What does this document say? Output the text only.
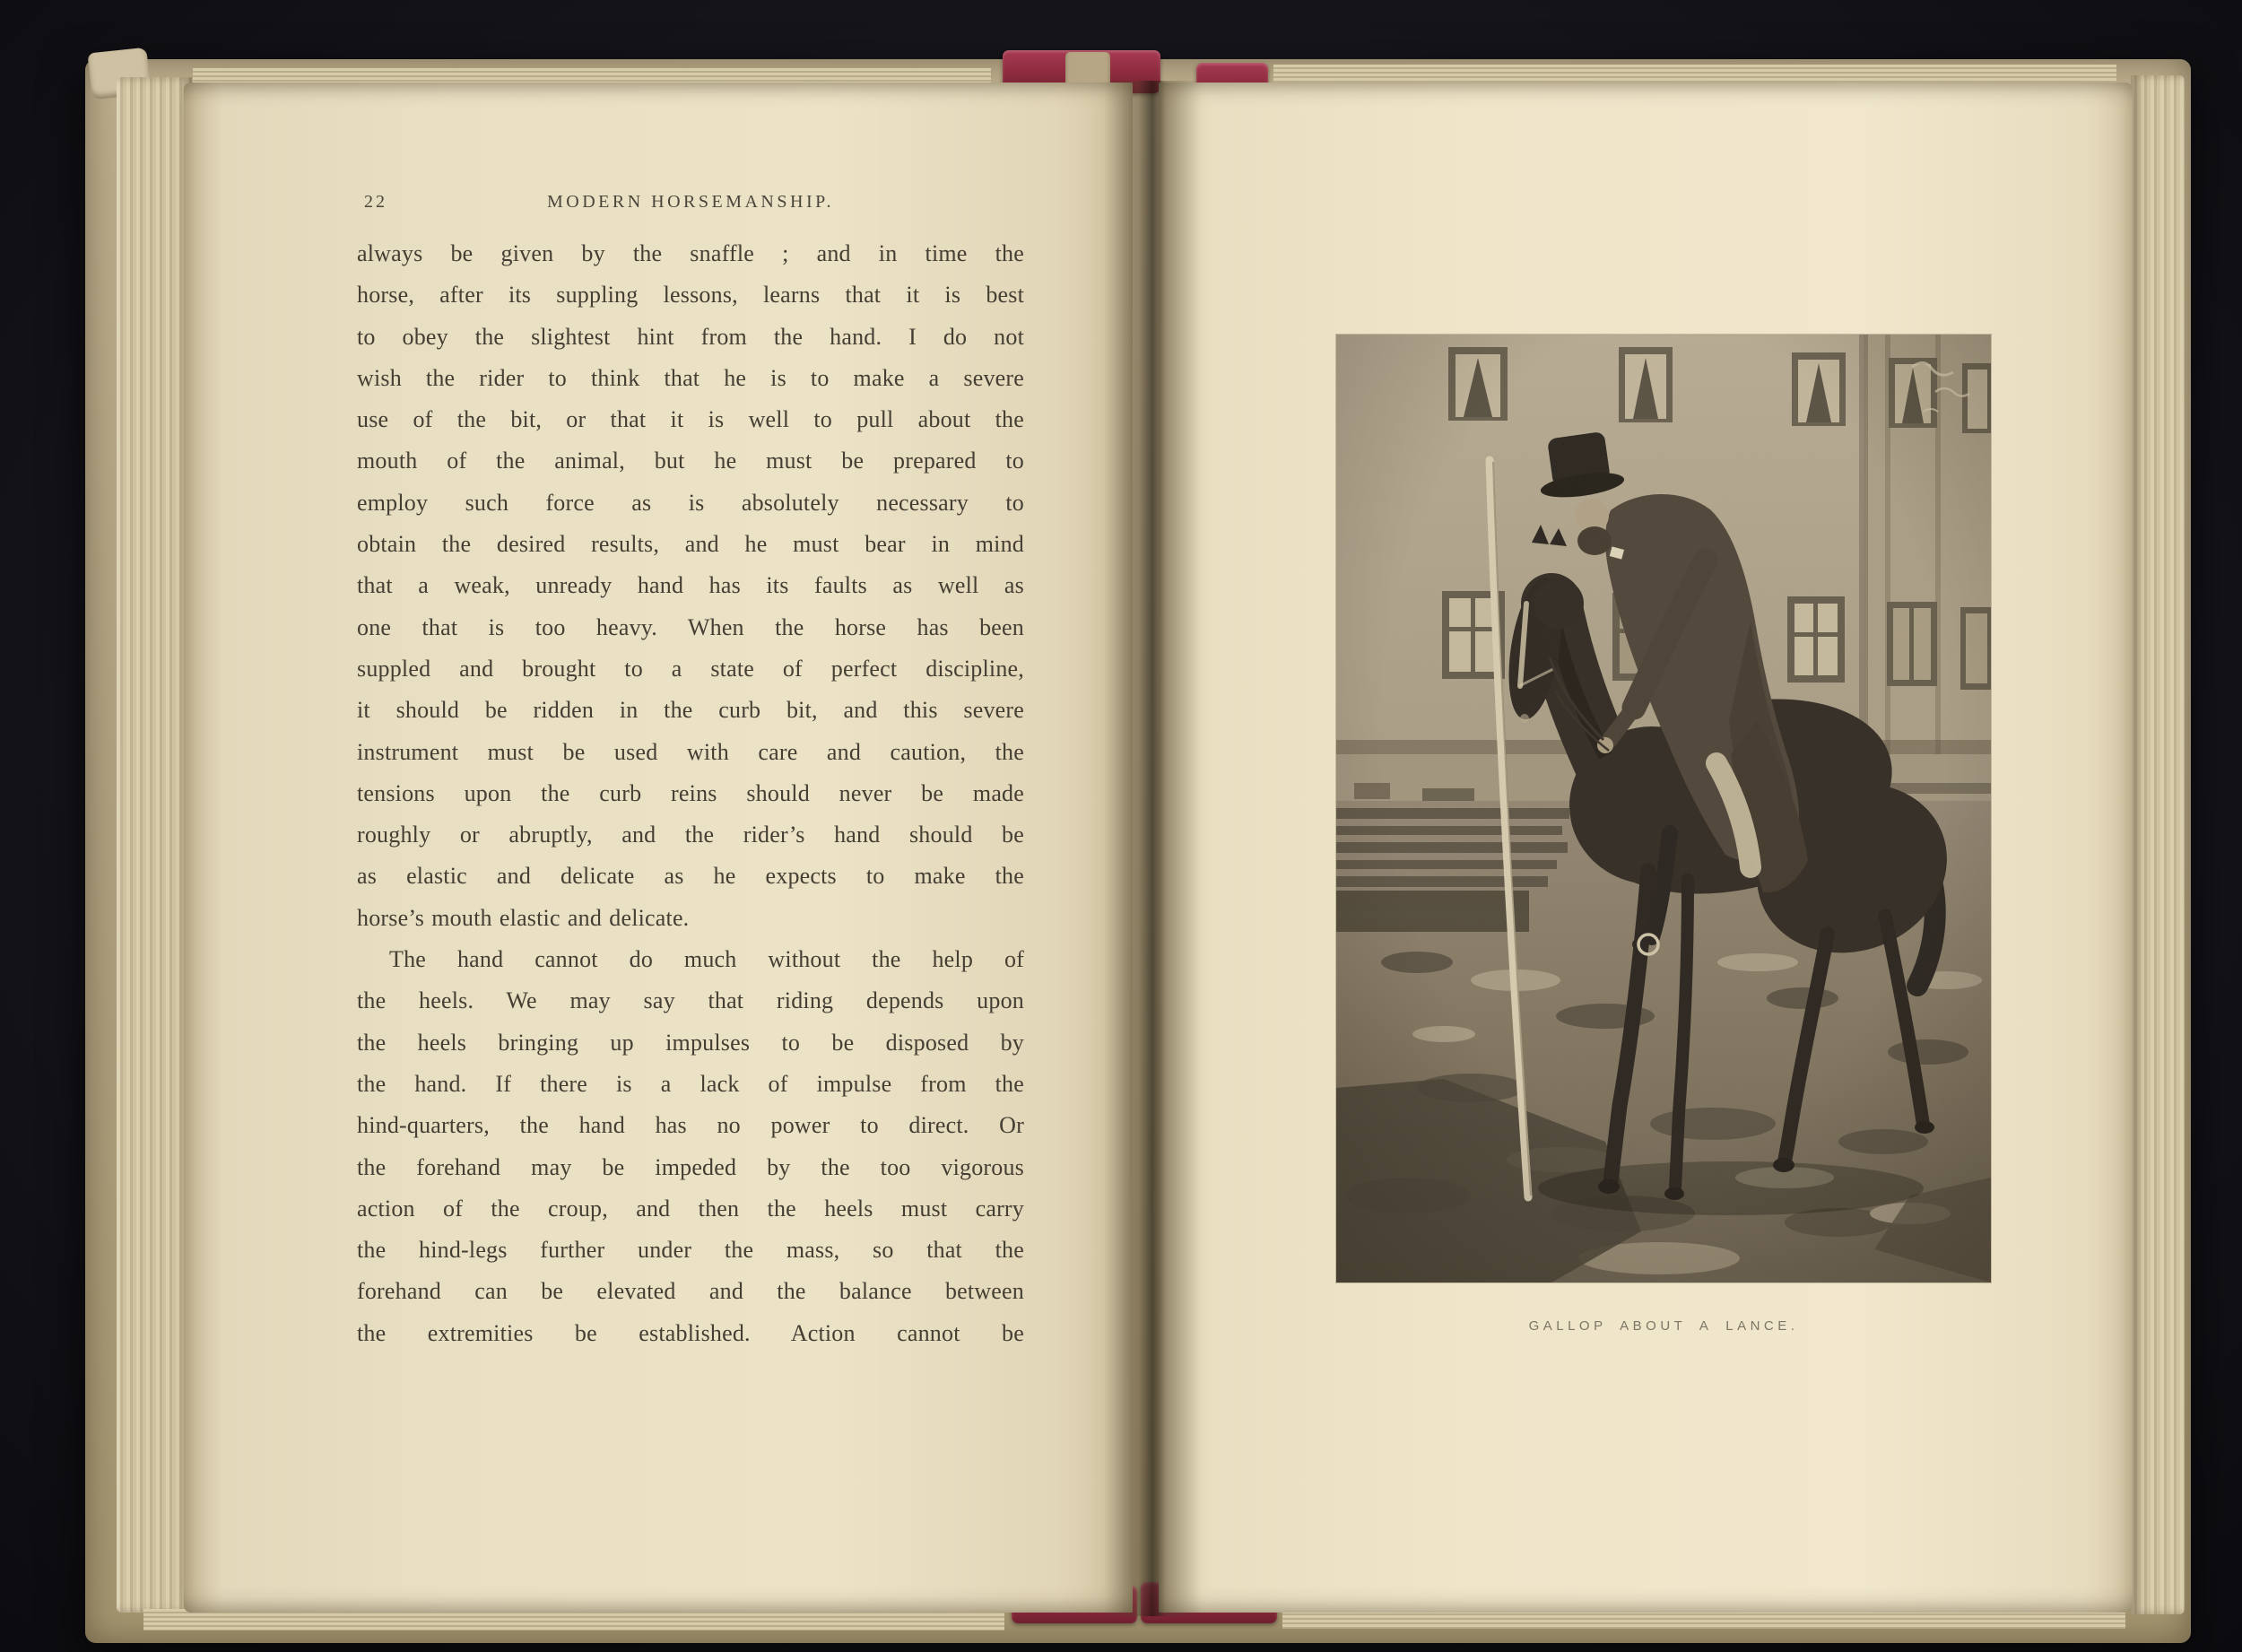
22	MODERN HORSEMANSHIP.
always be given by the snaffle ; and in time the
horse, after its suppling lessons, learns that it is best
to obey the slightest hint from the hand. I do not
wish the rider to think that he is to make a severe
use of the bit, or that it is well to pull about the
mouth of the animal, but he must be prepared to
employ such force as is absolutely necessary to
obtain the desired results, and he must bear in mind
that a weak, unready hand has its faults as well as
one that is too heavy. When the horse has been
suppled and brought to a state of perfect discipline,
it should be ridden in the curb bit, and this severe
instrument must be used with care and caution, the
tensions upon the curb reins should never be made
roughly or abruptly, and the rider’s hand should be
as elastic and delicate as he expects to make the
horse’s mouth elastic and delicate.
The hand cannot do much without the help of
the heels. We may say that riding depends upon
the heels bringing up impulses to be disposed by
the hand. If there is a lack of impulse from the
hind-quarters, the hand has no power to direct. Or
the forehand may be impeded by the too vigorous
action of the croup, and then the heels must carry
the hind-legs further under the mass, so that the
forehand can be elevated and the balance between
the extremities be established. Action cannot be	GALLOP ABOUT A LANCE.
